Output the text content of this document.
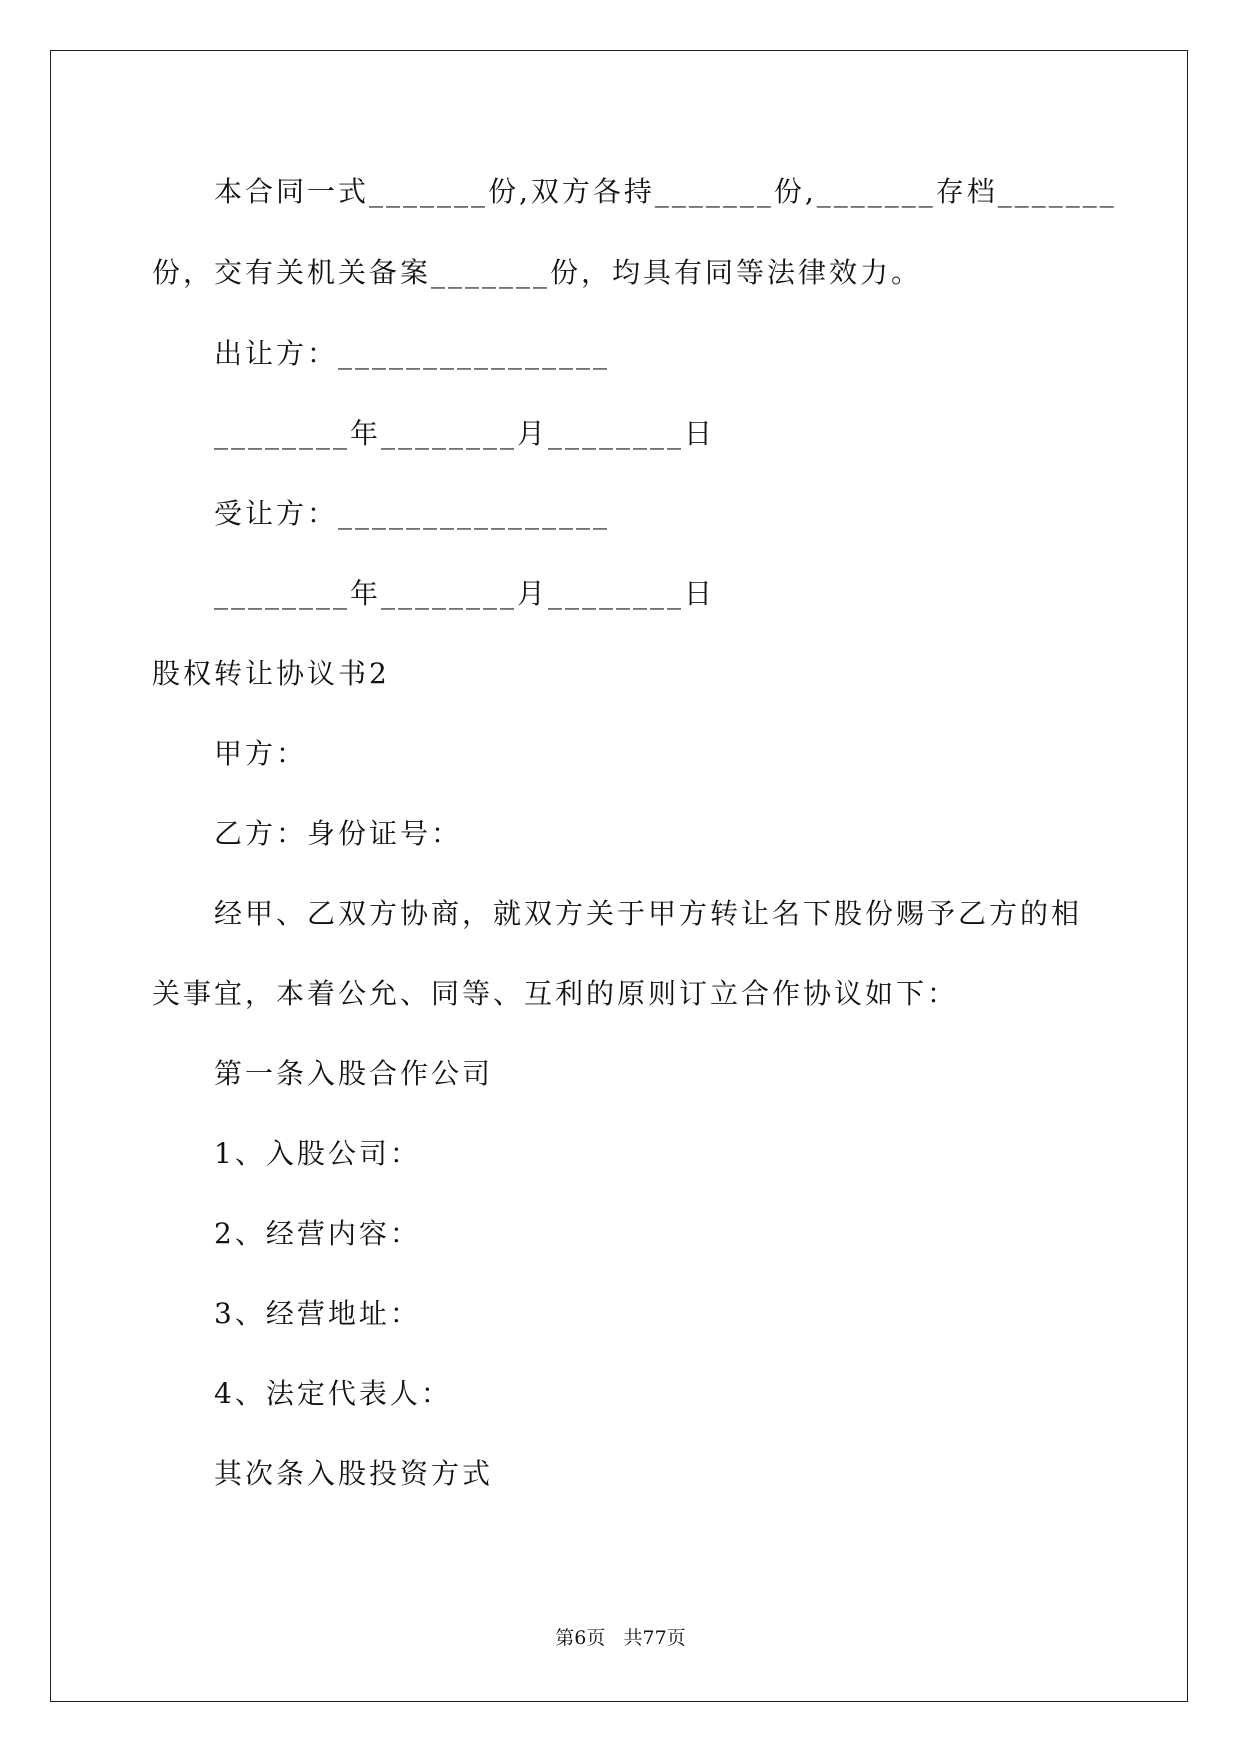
本合同一式_______份,双方各持_______份,_______存档_______
份，交有关机关备案_______份，均具有同等法律效力。
出让方：________________
________年________月________日
受让方：________________
________年________月________日
股权转让协议书2
甲方：
乙方：身份证号：
经甲、乙双方协商，就双方关于甲方转让名下股份赐予乙方的相
关事宜，本着公允、同等、互利的原则订立合作协议如下：
第一条入股合作公司
1、入股公司：
2、经营内容：
3、经营地址：
4、法定代表人：
其次条入股投资方式
第6页   共77页
